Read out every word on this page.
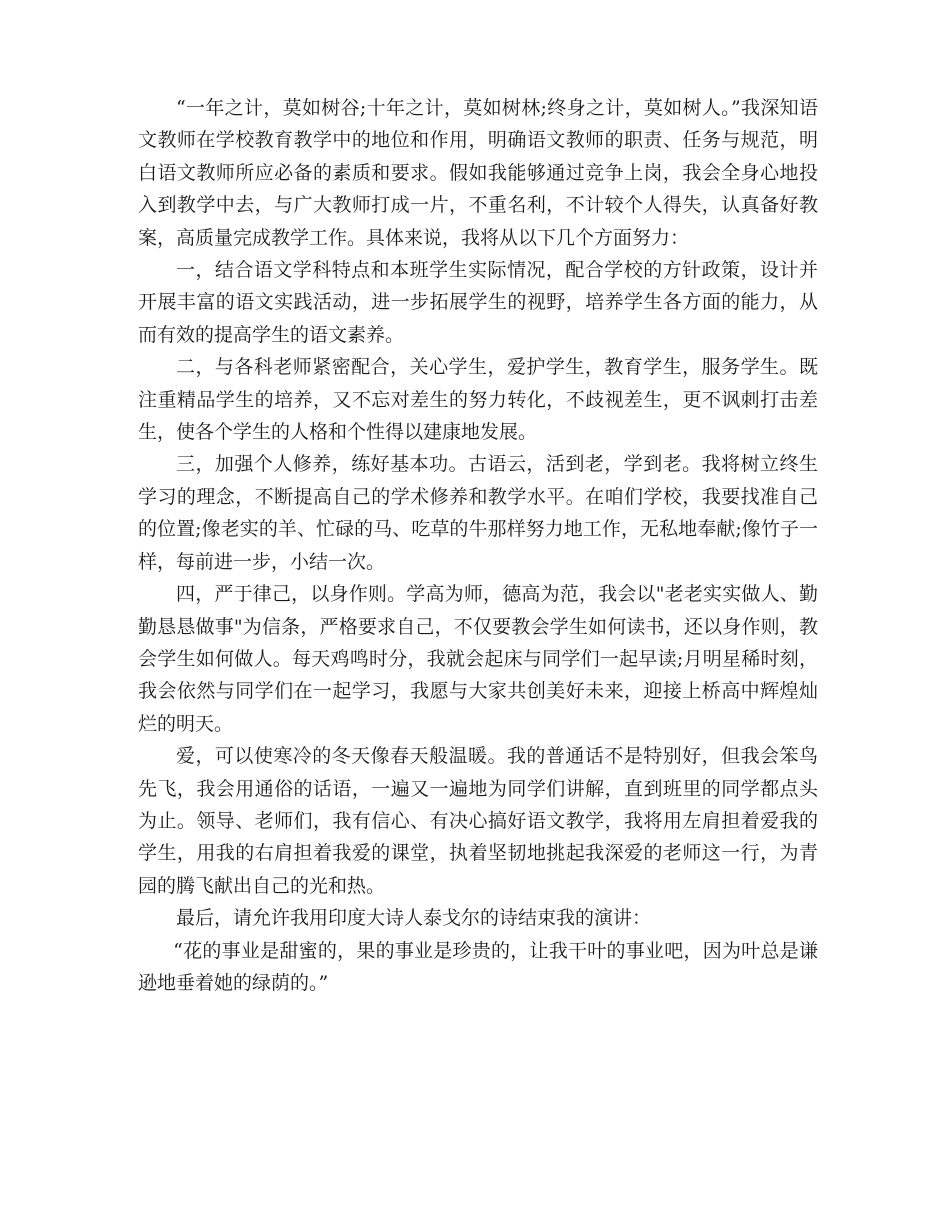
“一年之计，莫如树谷;十年之计，莫如树林;终身之计，莫如树人。”我深知语文教师在学校教育教学中的地位和作用，明确语文教师的职责、任务与规范，明白语文教师所应必备的素质和要求。假如我能够通过竞争上岗，我会全身心地投入到教学中去，与广大教师打成一片，不重名利，不计较个人得失，认真备好教案，高质量完成教学工作。具体来说，我将从以下几个方面努力：

一，结合语文学科特点和本班学生实际情况，配合学校的方针政策，设计并开展丰富的语文实践活动，进一步拓展学生的视野，培养学生各方面的能力，从而有效的提高学生的语文素养。

二，与各科老师紧密配合，关心学生，爱护学生，教育学生，服务学生。既注重精品学生的培养，又不忘对差生的努力转化，不歧视差生，更不讽刺打击差生，使各个学生的人格和个性得以建康地发展。

三，加强个人修养，练好基本功。古语云，活到老，学到老。我将树立终生学习的理念，不断提高自己的学术修养和教学水平。在咱们学校，我要找准自己的位置;像老实的羊、忙碌的马、吃草的牛那样努力地工作，无私地奉献;像竹子一样，每前进一步，小结一次。

四，严于律己，以身作则。学高为师，德高为范，我会以"老老实实做人、勤勤恳恳做事"为信条，严格要求自己，不仅要教会学生如何读书，还以身作则，教会学生如何做人。每天鸡鸣时分，我就会起床与同学们一起早读;月明星稀时刻，我会依然与同学们在一起学习，我愿与大家共创美好未来，迎接上桥高中辉煌灿烂的明天。

爱，可以使寒冷的冬天像春天般温暖。我的普通话不是特别好，但我会笨鸟先飞，我会用通俗的话语，一遍又一遍地为同学们讲解，直到班里的同学都点头为止。领导、老师们，我有信心、有决心搞好语文教学，我将用左肩担着爱我的学生，用我的右肩担着我爱的课堂，执着坚韧地挑起我深爱的老师这一行，为青园的腾飞献出自己的光和热。

最后，请允许我用印度大诗人泰戈尔的诗结束我的演讲：

“花的事业是甜蜜的，果的事业是珍贵的，让我干叶的事业吧，因为叶总是谦逊地垂着她的绿荫的。”
